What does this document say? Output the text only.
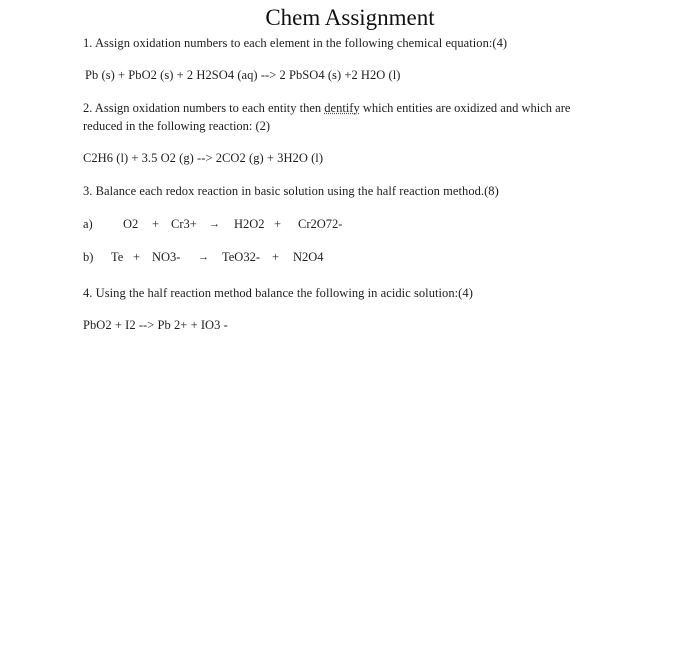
Chem Assignment
1. Assign oxidation numbers to each element in the following chemical equation:(4)
Pb (s) + PbO2 (s) + 2 H2SO4 (aq) --> 2 PbSO4 (s) +2 H2O (l)
2. Assign oxidation numbers to each entity then dentify which entities are oxidized and which are reduced in the following reaction: (2)
C2H6 (l) + 3.5 O2 (g) --> 2CO2 (g) + 3H2O (l)
3. Balance each redox reaction in basic solution using the half reaction method.(8)
a) O2 + Cr3+ → H2O2 + Cr2O72-
b) Te + NO3- → TeO32- + N2O4
4. Using the half reaction method balance the following in acidic solution:(4)
PbO2 + I2 --> Pb 2+ + IO3 -
